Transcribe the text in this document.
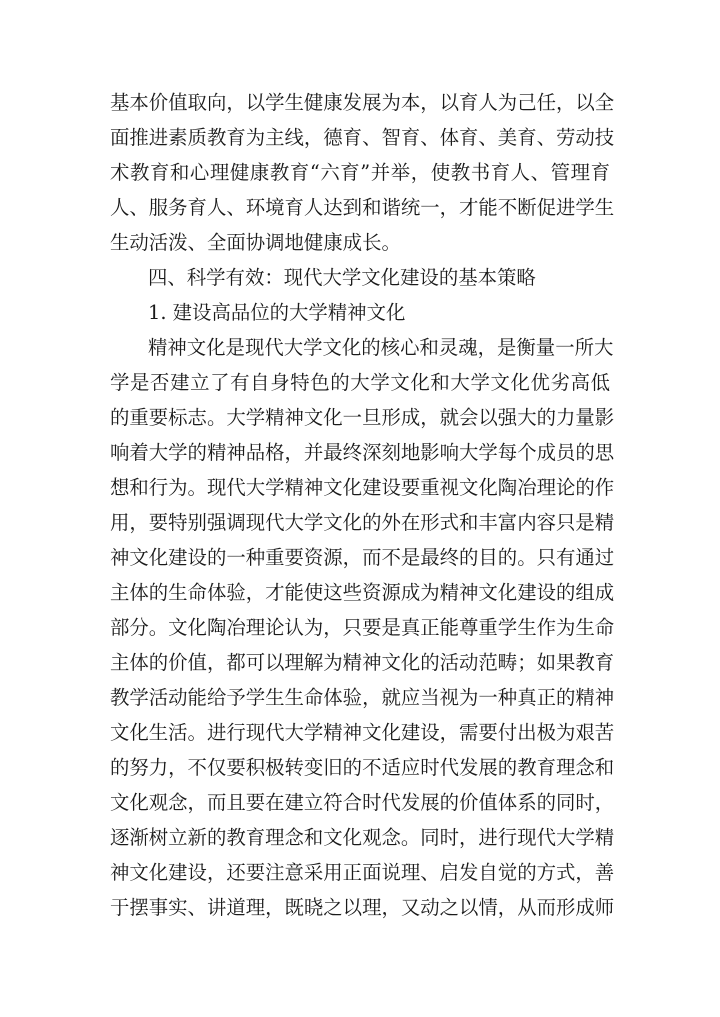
基本价值取向，以学生健康发展为本，以育人为己任，以全
面推进素质教育为主线，德育、智育、体育、美育、劳动技
术教育和心理健康教育“六育”并举，使教书育人、管理育
人、服务育人、环境育人达到和谐统一，才能不断促进学生
生动活泼、全面协调地健康成长。
四、科学有效：现代大学文化建设的基本策略
1. 建设高品位的大学精神文化
精神文化是现代大学文化的核心和灵魂，是衡量一所大
学是否建立了有自身特色的大学文化和大学文化优劣高低
的重要标志。大学精神文化一旦形成，就会以强大的力量影
响着大学的精神品格，并最终深刻地影响大学每个成员的思
想和行为。现代大学精神文化建设要重视文化陶冶理论的作
用，要特别强调现代大学文化的外在形式和丰富内容只是精
神文化建设的一种重要资源，而不是最终的目的。只有通过
主体的生命体验，才能使这些资源成为精神文化建设的组成
部分。文化陶冶理论认为，只要是真正能尊重学生作为生命
主体的价值，都可以理解为精神文化的活动范畴；如果教育
教学活动能给予学生生命体验，就应当视为一种真正的精神
文化生活。进行现代大学精神文化建设，需要付出极为艰苦
的努力，不仅要积极转变旧的不适应时代发展的教育理念和
文化观念，而且要在建立符合时代发展的价值体系的同时，
逐渐树立新的教育理念和文化观念。同时，进行现代大学精
神文化建设，还要注意采用正面说理、启发自觉的方式，善
于摆事实、讲道理，既晓之以理，又动之以情，从而形成师
